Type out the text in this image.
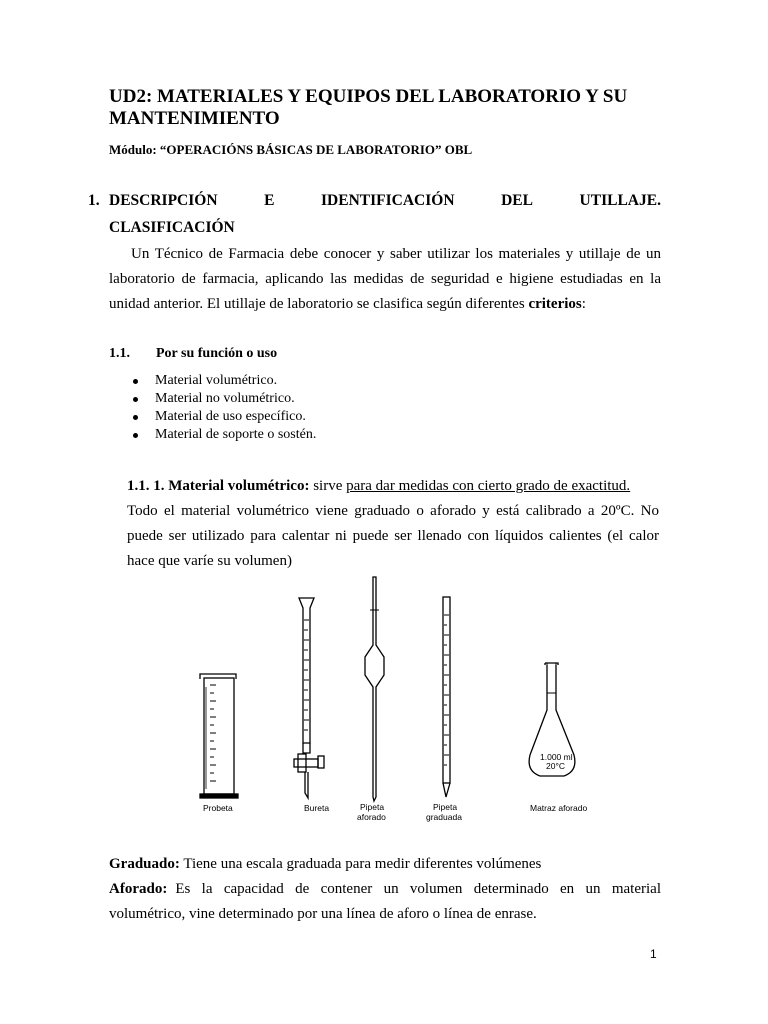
UD2: MATERIALES Y EQUIPOS DEL LABORATORIO Y SU MANTENIMIENTO
Módulo: “OPERACIÓNS BÁSICAS DE LABORATORIO” OBL
1. DESCRIPCIÓN	E	IDENTIFICACIÓN	DEL	UTILLAJE.
CLASIFICACIÓN
Un Técnico de Farmacia debe conocer y saber utilizar los materiales y utillaje de un
laboratorio de farmacia, aplicando las medidas de seguridad e higiene estudiadas en la
unidad anterior. El utillaje de laboratorio se clasifica según diferentes criterios :
1.1. Por su función o uso
Material volumétrico.
Material no volumétrico.
Material de uso específico.
Material de soporte o sostén.
1.1. 1. Material volumétrico: sirve para dar medidas con cierto grado de exactitud.
Todo el material volumétrico viene graduado o aforado y está calibrado a 20ºC. No
puede ser utilizado para calentar ni puede ser llenado con líquidos calientes (el calor
hace que varíe su volumen)
1.000 ml
20°C
Probeta	Bureta	Pipeta
aforado
Pipeta
graduada
Matraz aforado
Graduado: Tiene una escala graduada para medir diferentes volúmenes
Aforado: Es la capacidad de contener un volumen determinado en un material
volumétrico, vine determinado por una línea de aforo o línea de enrase.
1
